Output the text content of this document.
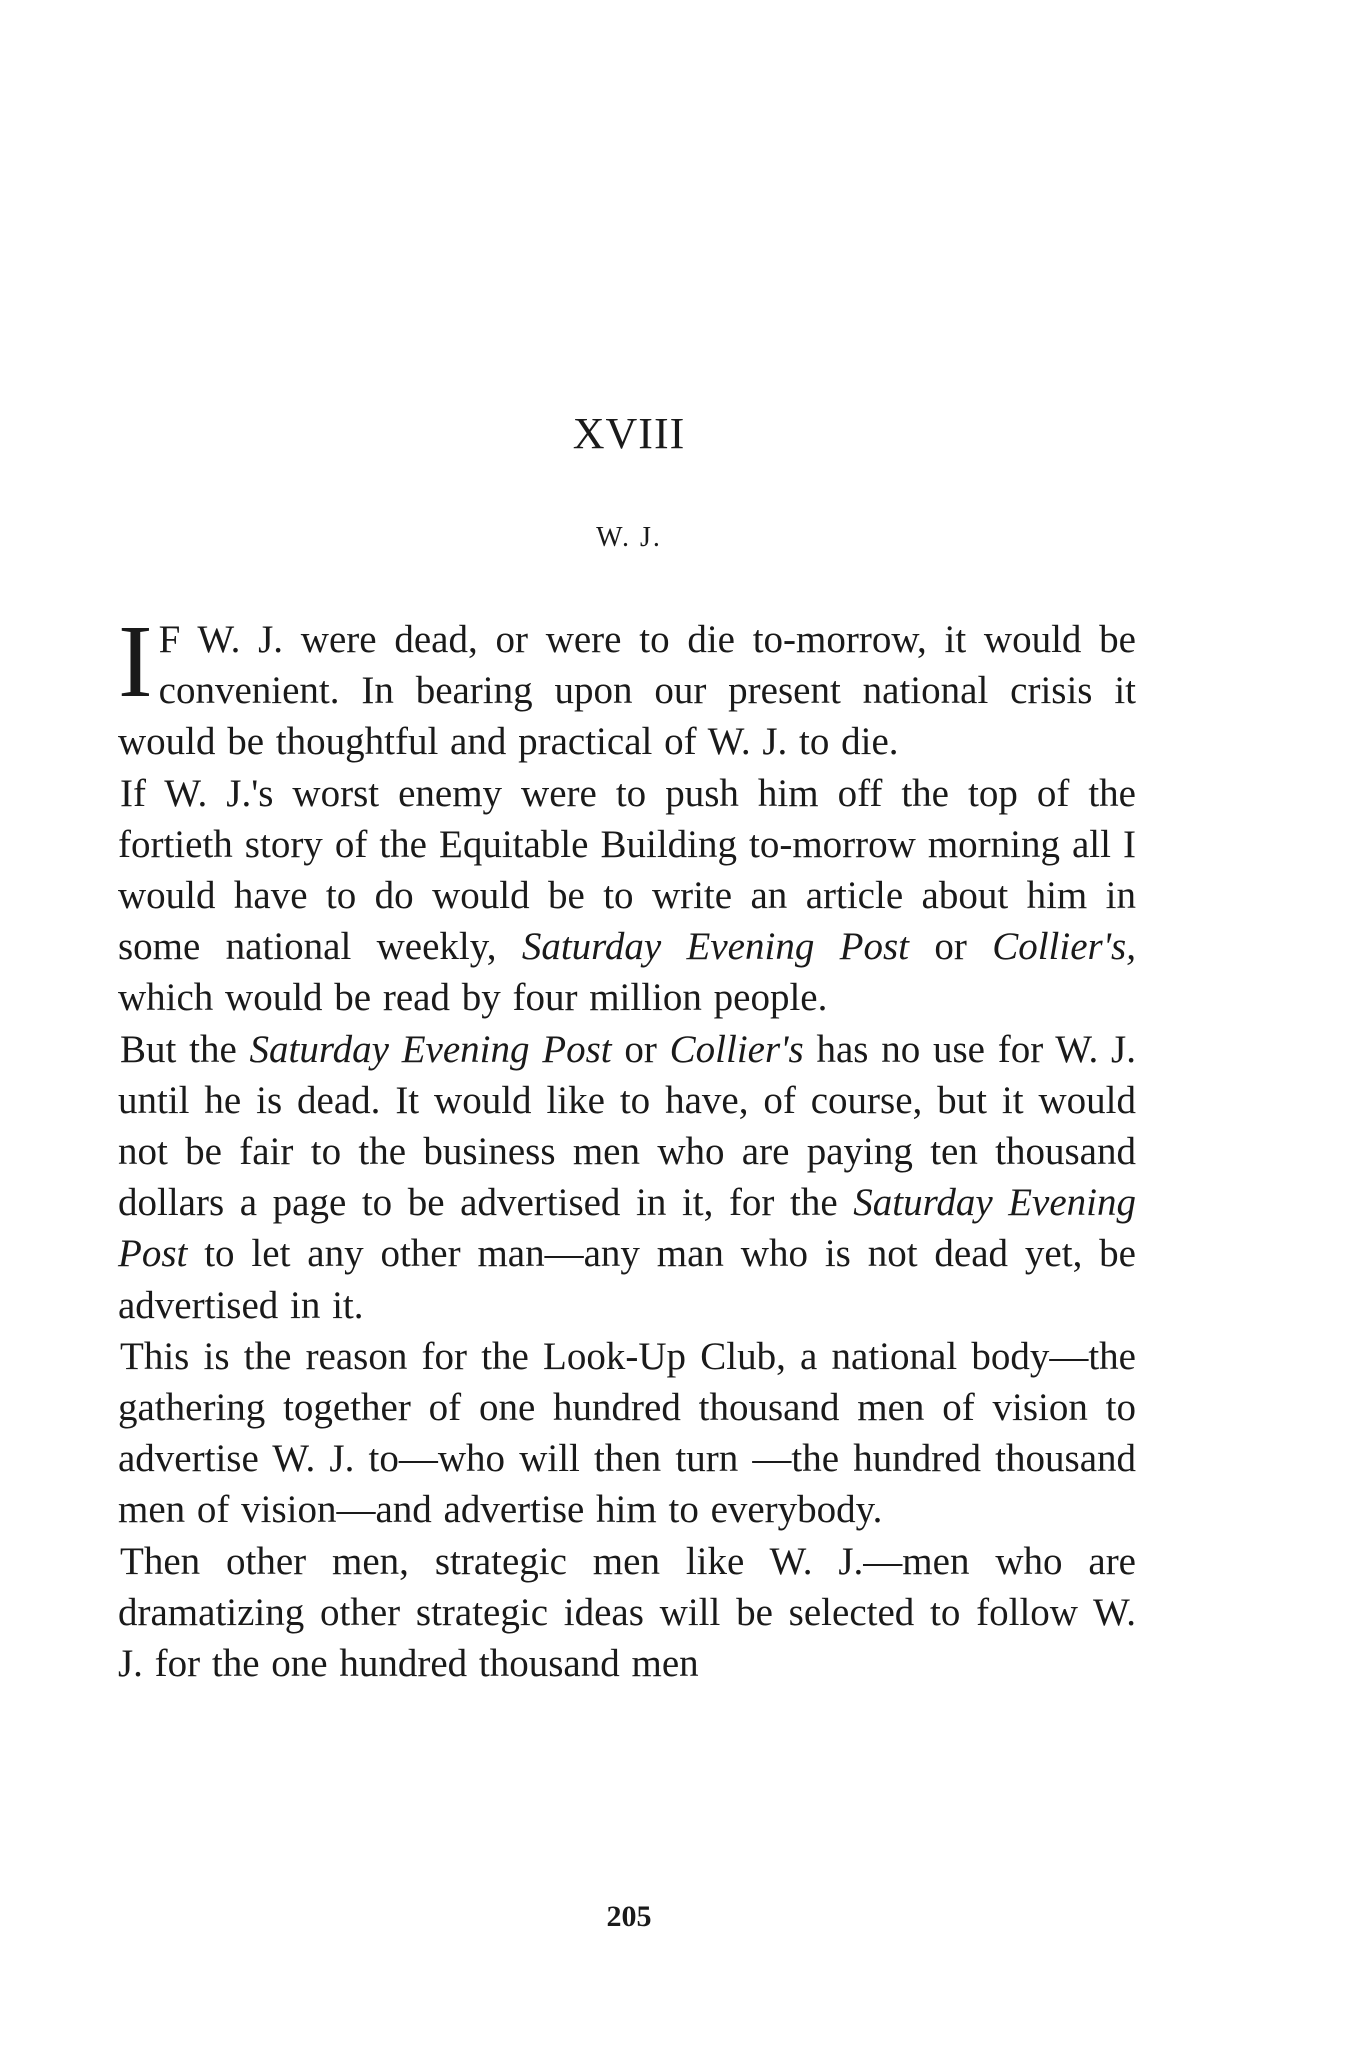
XVIII
W. J.

I F W. J. were dead, or were to die to-morrow, it would be convenient. In bearing upon our present national crisis it would be thoughtful and practical of W. J. to die.

If W. J.'s worst enemy were to push him off the top of the fortieth story of the Equitable Building to-morrow morning all I would have to do would be to write an article about him in some national weekly, Saturday Evening Post or Collier's, which would be read by four million people.

But the Saturday Evening Post or Collier's has no use for W. J. until he is dead. It would like to have, of course, but it would not be fair to the business men who are paying ten thousand dollars a page to be advertised in it, for the Saturday Evening Post to let any other man—any man who is not dead yet, be advertised in it.

This is the reason for the Look-Up Club, a national body—the gathering together of one hundred thousand men of vision to advertise W. J. to—who will then turn —the hundred thousand men of vision—and advertise him to everybody.

Then other men, strategic men like W. J.—men who are dramatizing other strategic ideas will be selected to follow W. J. for the one hundred thousand men

205
